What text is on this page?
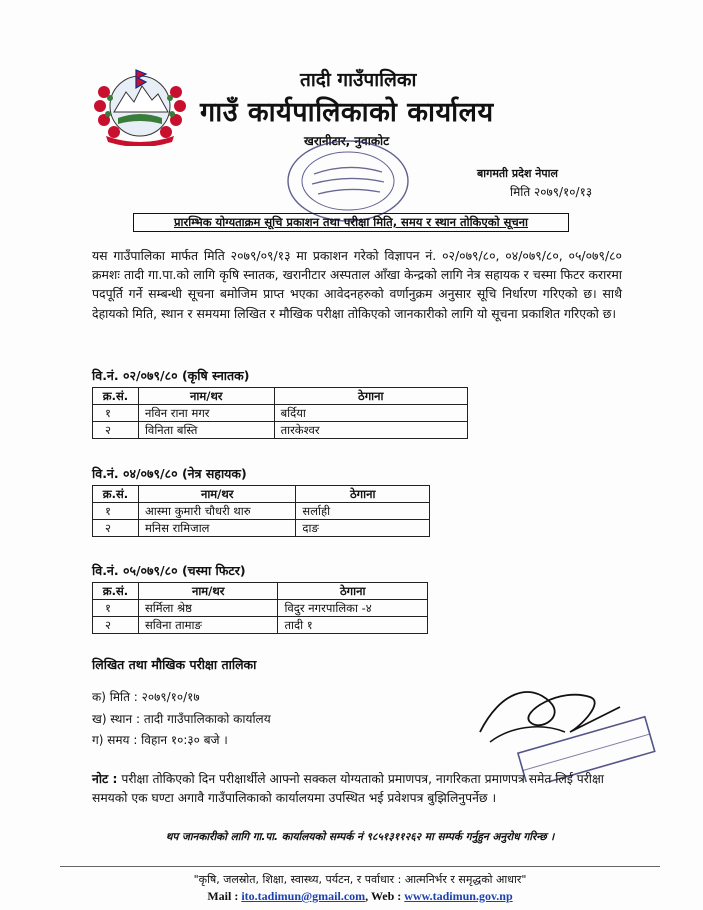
तादी गाउँपालिका
गाउँ कार्यपालिकाको कार्यालय
खरानीटार, नुवाकोट
बागमती प्रदेश नेपाल
मिति २०७९/१०/१३
प्रारम्भिक योग्यताक्रम सूचि प्रकाशन तथा परीक्षा मिति, समय र स्थान तोकिएको सूचना

यस गाउँपालिका मार्फत मिति २०७९/०९/१३ मा प्रकाशन गरेको विज्ञापन नं. ०२/०७९/८०, ०४/०७९/८०, ०५/०७९/८० क्रमशः तादी गा.पा.को लागि कृषि स्नातक, खरानीटार अस्पताल आँखा केन्द्रको लागि नेत्र सहायक र चस्मा फिटर करारमा पदपूर्ति गर्ने सम्बन्धी सूचना बमोजिम प्राप्त भएका आवेदनहरुको वर्णानुक्रम अनुसार सूचि निर्धारण गरिएको छ। साथै देहायको मिति, स्थान र समयमा लिखित र मौखिक परीक्षा तोकिएको जानकारीको लागि यो सूचना प्रकाशित गरिएको छ।

वि.नं. ०२/०७९/८० (कृषि स्नातक)
क्र.सं.	नाम/थर	ठेगाना
१	नविन राना मगर	बर्दिया
२	विनिता बस्ति	तारकेश्वर
वि.नं. ०४/०७९/८० (नेत्र सहायक)
क्र.सं.	नाम/थर	ठेगाना
१	आस्मा कुमारी चौधरी थारु	सर्लाही
२	मनिस रामिजाल	दाङ
वि.नं. ०५/०७९/८० (चस्मा फिटर)
क्र.सं.	नाम/थर	ठेगाना
१	सर्मिला श्रेष्ठ	विदुर नगरपालिका -४
२	सविना तामाङ	तादी १
लिखित तथा मौखिक परीक्षा तालिका
क) मिति : २०७९/१०/१७
ख) स्थान : तादी गाउँपालिकाको कार्यालय
ग) समय : विहान १०:३० बजे ।

नोट : परीक्षा तोकिएको दिन परीक्षार्थीले आफ्नो सक्कल योग्यताको प्रमाणपत्र, नागरिकता प्रमाणपत्र समेत लिई परीक्षा समयको एक घण्टा अगावै गाउँपालिकाको कार्यालयमा उपस्थित भई प्रवेशपत्र बुझिलिनुपर्नेछ ।

थप जानकारीको लागि गा.पा. कार्यालयको सम्पर्क नं ९८५१३११२६२ मा सम्पर्क गर्नुहुन अनुरोध गरिन्छ ।
"कृषि, जलस्रोत, शिक्षा, स्वास्थ्य, पर्यटन, र पर्वाधार : आत्मनिर्भर र समृद्धको आधार"
Mail : ito.tadimun@gmail.com, Web : www.tadimun.gov.np
